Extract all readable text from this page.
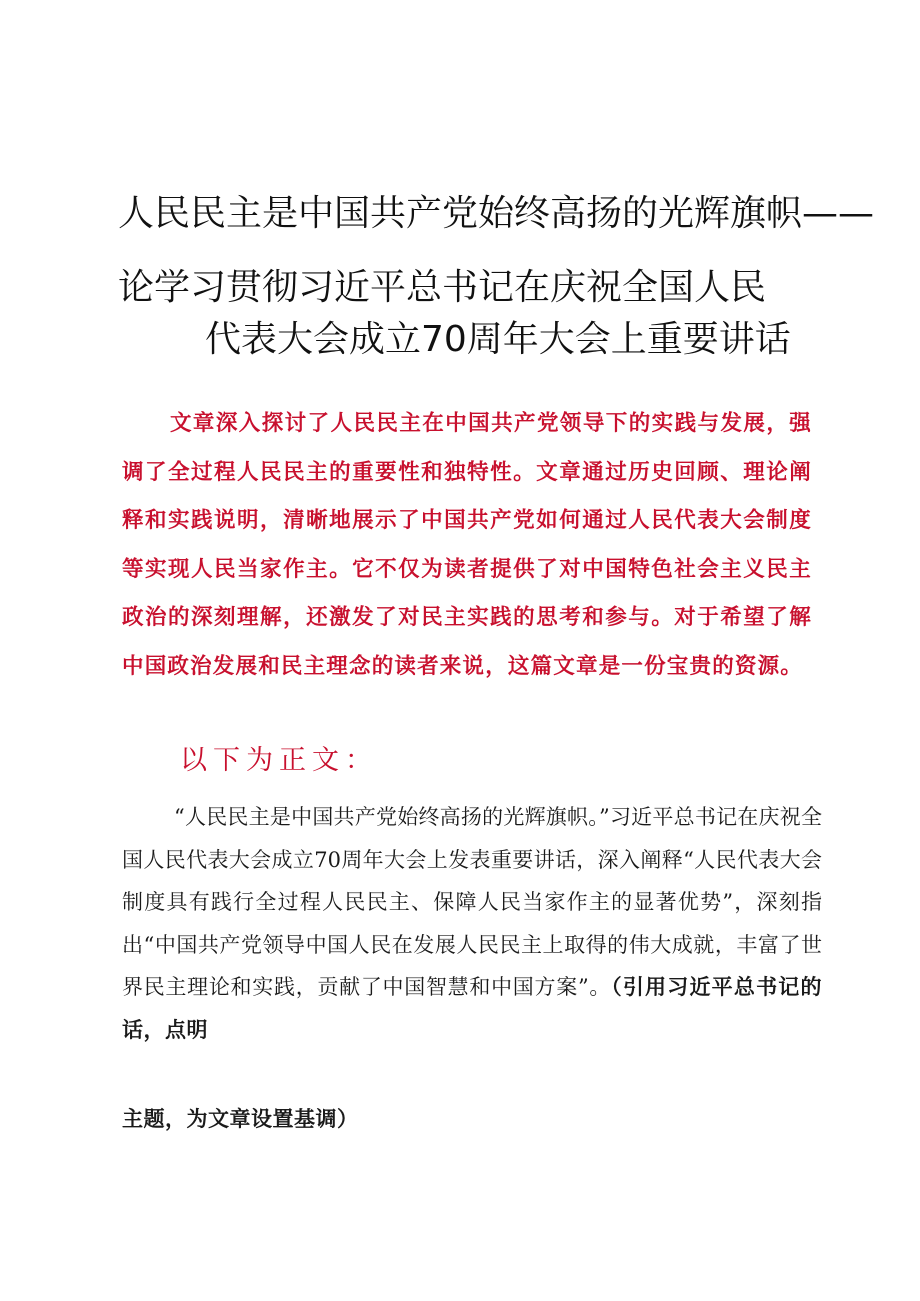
人民民主是中国共产党始终高扬的光辉旗帜——
论学习贯彻习近平总书记在庆祝全国人民
代表大会成立70周年大会上重要讲话
文章深入探讨了人民民主在中国共产党领导下的实践与发展，强调了全过程人民民主的重要性和独特性。文章通过历史回顾、理论阐释和实践说明，清晰地展示了中国共产党如何通过人民代表大会制度等实现人民当家作主。它不仅为读者提供了对中国特色社会主义民主政治的深刻理解，还激发了对民主实践的思考和参与。对于希望了解中国政治发展和民主理念的读者来说，这篇文章是一份宝贵的资源。
以下为正文：
“人民民主是中国共产党始终高扬的光辉旗帜。”习近平总书记在庆祝全国人民代表大会成立70周年大会上发表重要讲话，深入阐释“人民代表大会制度具有践行全过程人民民主、保障人民当家作主的显著优势”，深刻指出“中国共产党领导中国人民在发展人民民主上取得的伟大成就，丰富了世界民主理论和实践，贡献了中国智慧和中国方案”。（引用习近平总书记的话，点明
主题，为文章设置基调）
